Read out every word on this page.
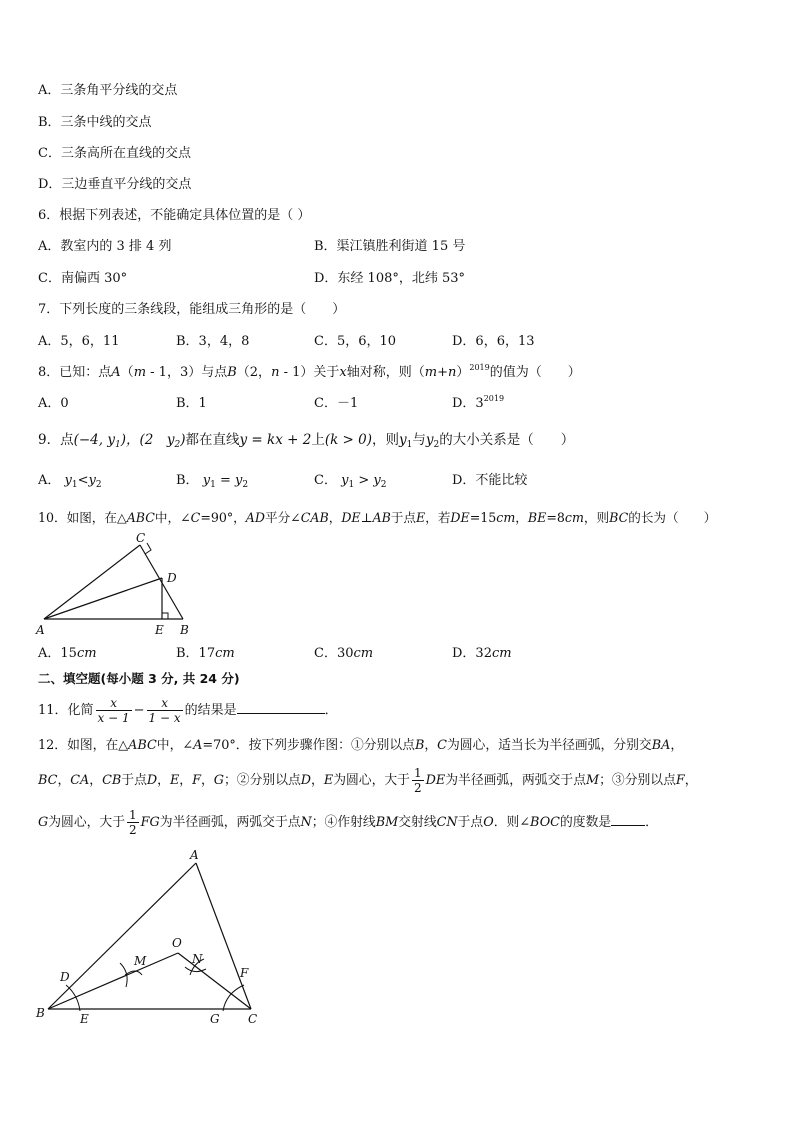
A．三条角平分线的交点
B．三条中线的交点
C．三条高所在直线的交点
D．三边垂直平分线的交点
6．根据下列表述，不能确定具体位置的是（ ）
A．教室内的 3 排 4 列	B．渠江镇胜利街道 15 号
C．南偏西 30°	D．东经 108°，北纬 53°
7．下列长度的三条线段，能组成三角形的是（　　）
A．5，6，11	B．3，4，8	C．5，6，10	D．6，6，13
8．已知：点A（m - 1，3）与点B（2，n - 1）关于x轴对称，则$(m+n)^{2019}$的值为（　　）
A．0	B．1	C．－1	D．$3^{2019}$
9．点(−4, $y_1$)，(2　$y_2$)都在直线y = kx + 2上(k > 0)，则$y_1$与$y_2$的大小关系是（　　）
A． $y_1<y_2$	B． $y_1 = y_2$	C． $y_1 > y_2$	D．不能比较
10．如图，在△ABC中，∠C=90°，AD平分∠CAB，DE⊥AB于点E，若DE=15cm，BE=8cm，则BC的长为（　　）
A	B
C
D
E
A．15cm	B．17cm	C．30cm	D．32cm
二、填空题(每小题 3 分, 共 24 分)
11．化简 $\frac{x}{x - 1} - \frac{x}{1 - x}$ 的结果是	．
12．如图，在△ABC中，∠A=70°．按下列步骤作图：①分别以点B，C为圆心，适当长为半径画弧，分别交BA，
BC，CA，CB于点D，E，F，G；②分别以点D，E为圆心，大于 $\frac{1}{2}$ DE为半径画弧，两弧交于点M；③分别以点F，
G为圆心，大于 $\frac{1}{2}$ FG为半径画弧，两弧交于点N；④作射线BM交射线CN于点O．则∠BOC的度数是	．
A
B	C
D
E
F
G
M	N
O
